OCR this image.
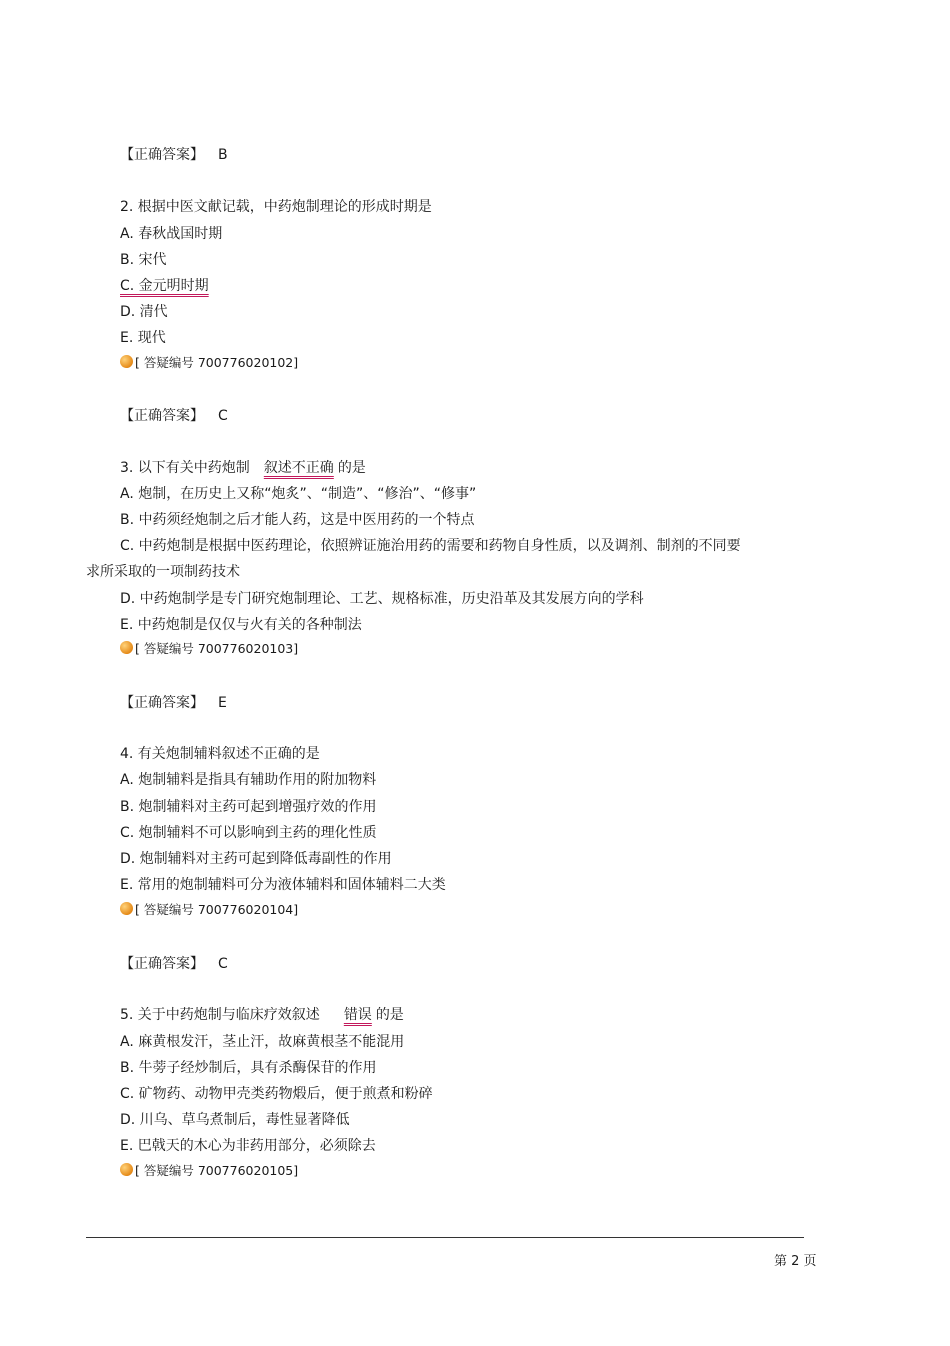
【正确答案】 B
2. 根据中医文献记载，中药炮制理论的形成时期是
A. 春秋战国时期
B. 宋代
C. 金元明时期
D. 清代
E. 现代
[ 答疑编号 700776020102]
【正确答案】 C
3. 以下有关中药炮制 叙述不正确 的是
A. 炮制，在历史上又称“炮炙”、“制造”、“修治”、“修事”
B. 中药须经炮制之后才能人药，这是中医用药的一个特点
C. 中药炮制是根据中医药理论，依照辨证施治用药的需要和药物自身性质，以及调剂、制剂的不同要
求所采取的一项制药技术
D. 中药炮制学是专门研究炮制理论、工艺、规格标准，历史沿革及其发展方向的学科
E. 中药炮制是仅仅与火有关的各种制法
[ 答疑编号 700776020103]
【正确答案】 E
4. 有关炮制辅料叙述不正确的是
A. 炮制辅料是指具有辅助作用的附加物料
B. 炮制辅料对主药可起到增强疗效的作用
C. 炮制辅料不可以影响到主药的理化性质
D. 炮制辅料对主药可起到降低毒副性的作用
E. 常用的炮制辅料可分为液体辅料和固体辅料二大类
[ 答疑编号 700776020104]
【正确答案】 C
5. 关于中药炮制与临床疗效叙述 错误 的是
A. 麻黄根发汗，茎止汗，故麻黄根茎不能混用
B. 牛蒡子经炒制后，具有杀酶保苷的作用
C. 矿物药、动物甲壳类药物煅后，便于煎煮和粉碎
D. 川乌、草乌煮制后，毒性显著降低
E. 巴戟天的木心为非药用部分，必须除去
[ 答疑编号 700776020105]
第 2 页
